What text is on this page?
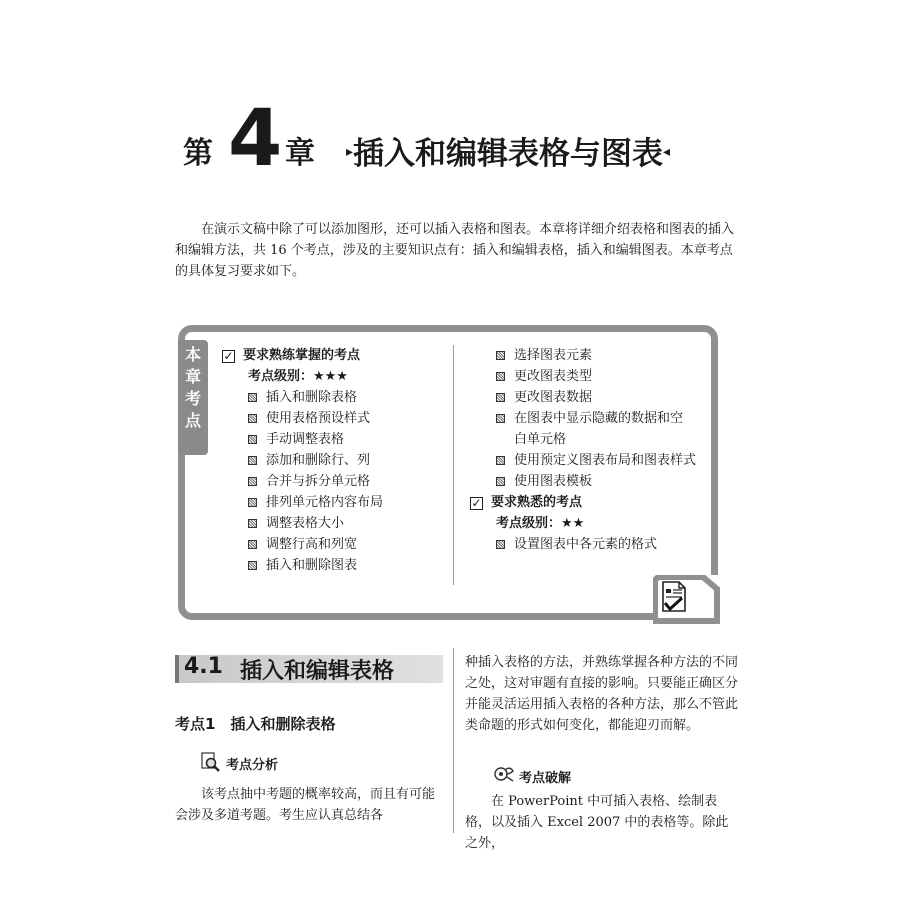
第 4 章 ▸插入和编辑表格与图表◂
在演示文稿中除了可以添加图形，还可以插入表格和图表。本章将详细介绍表格和图表的插入和编辑方法，共 16 个考点，涉及的主要知识点有：插入和编辑表格，插入和编辑图表。本章考点的具体复习要求如下。
本章考点
✓ 要求熟练掌握的考点
考点级别：★★★
插入和删除表格
使用表格预设样式
手动调整表格
添加和删除行、列
合并与拆分单元格
排列单元格内容布局
调整表格大小
调整行高和列宽
插入和删除图表
选择图表元素
更改图表类型
更改图表数据
在图表中显示隐藏的数据和空
白单元格
使用预定义图表布局和图表样式
使用图表模板
✓ 要求熟悉的考点
考点级别：★★
设置图表中各元素的格式
4.1 插入和编辑表格
考点1　插入和删除表格
考点分析
该考点抽中考题的概率较高，而且有可能会涉及多道考题。考生应认真总结各
种插入表格的方法，并熟练掌握各种方法的不同之处，这对审题有直接的影响。只要能正确区分并能灵活运用插入表格的各种方法，那么不管此类命题的形式如何变化，都能迎刃而解。
考点破解
在 PowerPoint 中可插入表格、绘制表格，以及插入 Excel 2007 中的表格等。除此之外，
